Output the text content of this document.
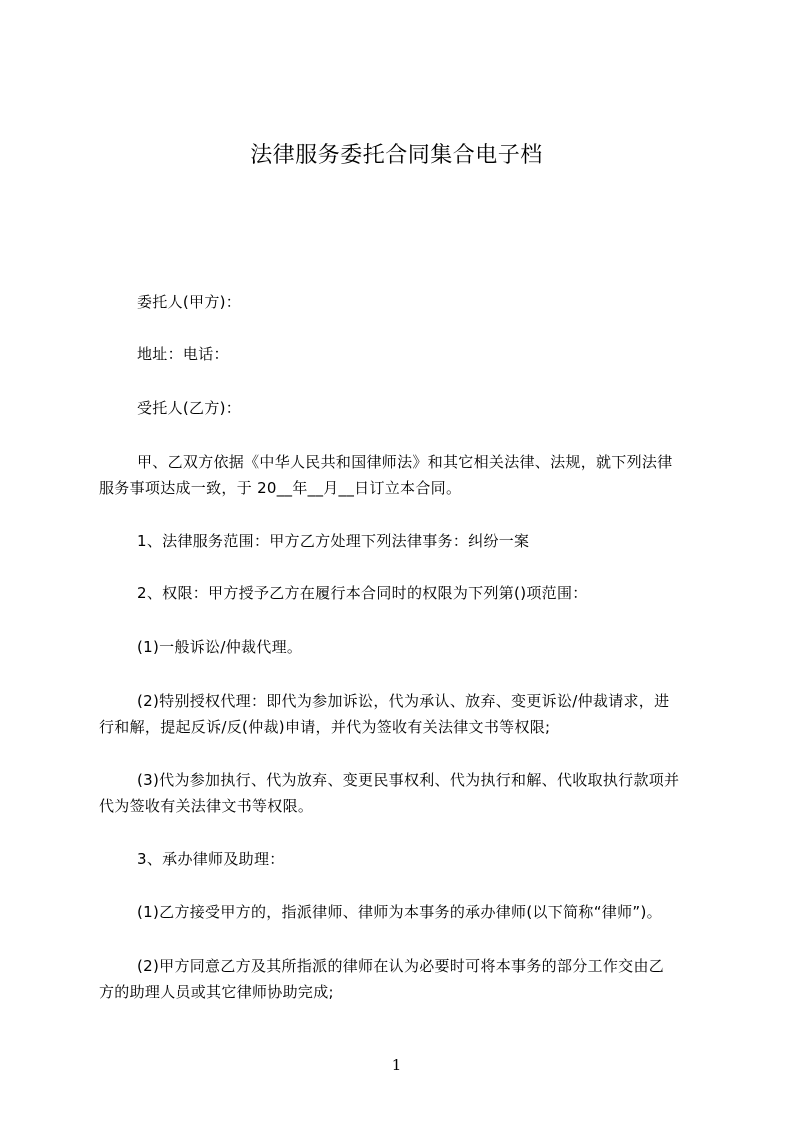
法律服务委托合同集合电子档
委托人(甲方)：
地址：电话：
受托人(乙方)：
甲、乙双方依据《中华人民共和国律师法》和其它相关法律、法规，就下列法律
服务事项达成一致，于 20__年__月__日订立本合同。
1、法律服务范围：甲方乙方处理下列法律事务：纠纷一案
2、权限：甲方授予乙方在履行本合同时的权限为下列第()项范围：
(1)一般诉讼/仲裁代理。
(2)特别授权代理：即代为参加诉讼，代为承认、放弃、变更诉讼/仲裁请求，进
行和解，提起反诉/反(仲裁)申请，并代为签收有关法律文书等权限;
(3)代为参加执行、代为放弃、变更民事权利、代为执行和解、代收取执行款项并
代为签收有关法律文书等权限。
3、承办律师及助理：
(1)乙方接受甲方的，指派律师、律师为本事务的承办律师(以下简称“律师”)。
(2)甲方同意乙方及其所指派的律师在认为必要时可将本事务的部分工作交由乙
方的助理人员或其它律师协助完成;
1
